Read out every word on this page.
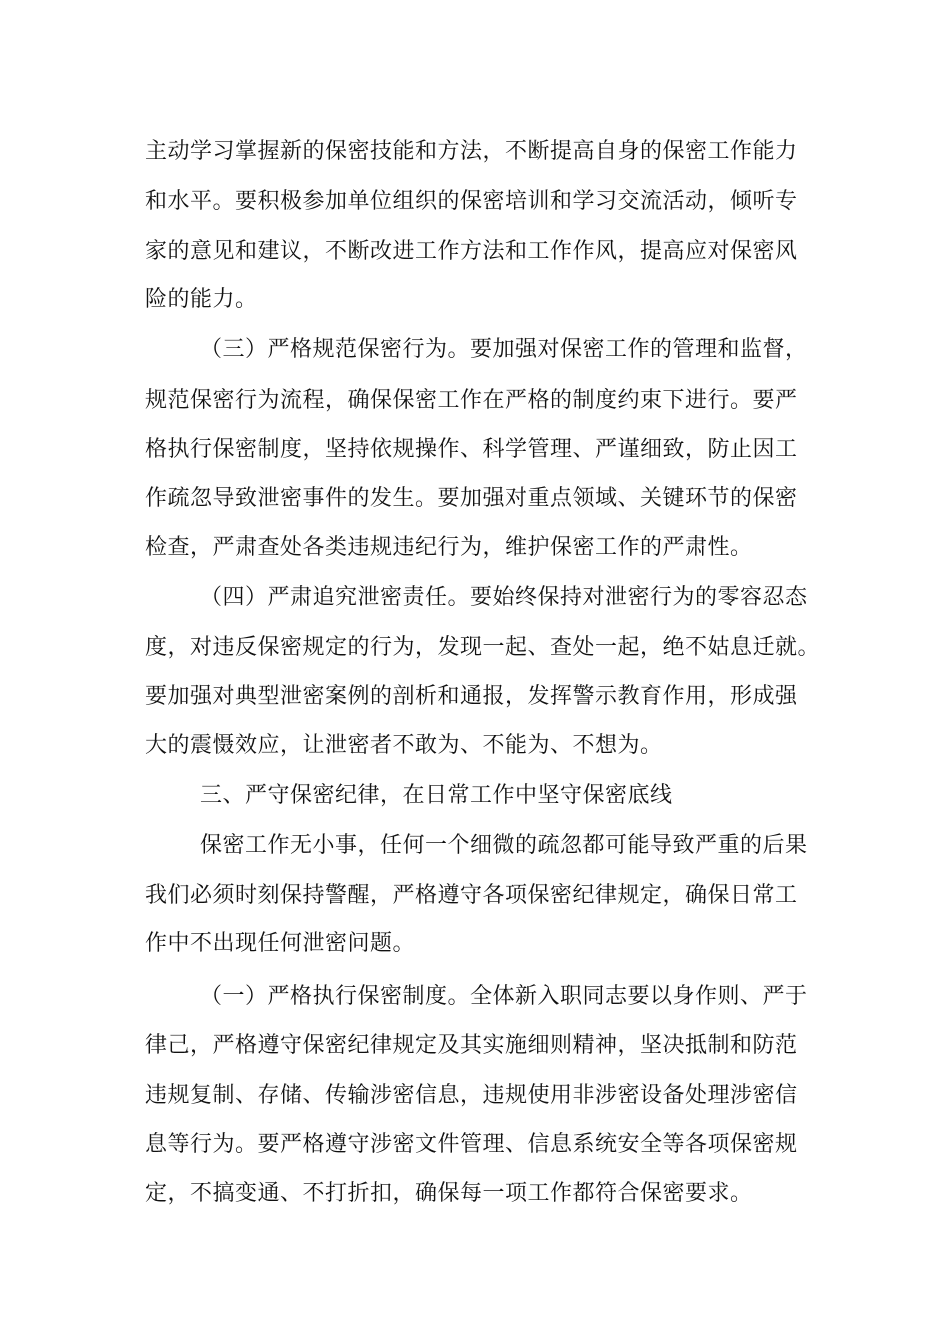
主动学习掌握新的保密技能和方法，不断提高自身的保密工作能力
和水平。要积极参加单位组织的保密培训和学习交流活动，倾听专
家的意见和建议，不断改进工作方法和工作作风，提高应对保密风
险的能力。
（三）严格规范保密行为。要加强对保密工作的管理和监督，
规范保密行为流程，确保保密工作在严格的制度约束下进行。要严
格执行保密制度，坚持依规操作、科学管理、严谨细致，防止因工
作疏忽导致泄密事件的发生。要加强对重点领域、关键环节的保密
检查，严肃查处各类违规违纪行为，维护保密工作的严肃性。
（四）严肃追究泄密责任。要始终保持对泄密行为的零容忍态
度，对违反保密规定的行为，发现一起、查处一起，绝不姑息迁就。
要加强对典型泄密案例的剖析和通报，发挥警示教育作用，形成强
大的震慑效应，让泄密者不敢为、不能为、不想为。
三、严守保密纪律，在日常工作中坚守保密底线
保密工作无小事，任何一个细微的疏忽都可能导致严重的后果
我们必须时刻保持警醒，严格遵守各项保密纪律规定，确保日常工
作中不出现任何泄密问题。
（一）严格执行保密制度。全体新入职同志要以身作则、严于
律己，严格遵守保密纪律规定及其实施细则精神，坚决抵制和防范
违规复制、存储、传输涉密信息，违规使用非涉密设备处理涉密信
息等行为。要严格遵守涉密文件管理、信息系统安全等各项保密规
定，不搞变通、不打折扣，确保每一项工作都符合保密要求。
